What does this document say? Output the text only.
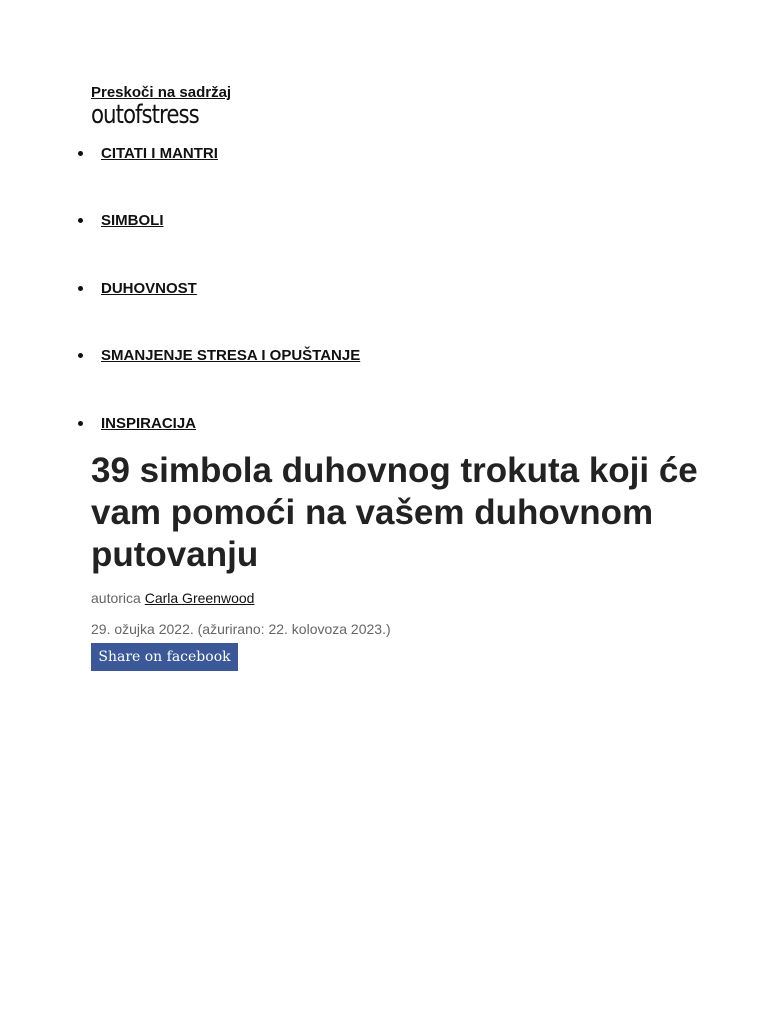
Preskoči na sadržaj
outofstress
CITATI I MANTRI
SIMBOLI
DUHOVNOST
SMANJENJE STRESA I OPUŠTANJE
INSPIRACIJA
39 simbola duhovnog trokuta koji će vam pomoći na vašem duhovnom putovanju
autorica Carla Greenwood
29. ožujka 2022. (ažurirano: 22. kolovoza 2023.)
Share on facebook
